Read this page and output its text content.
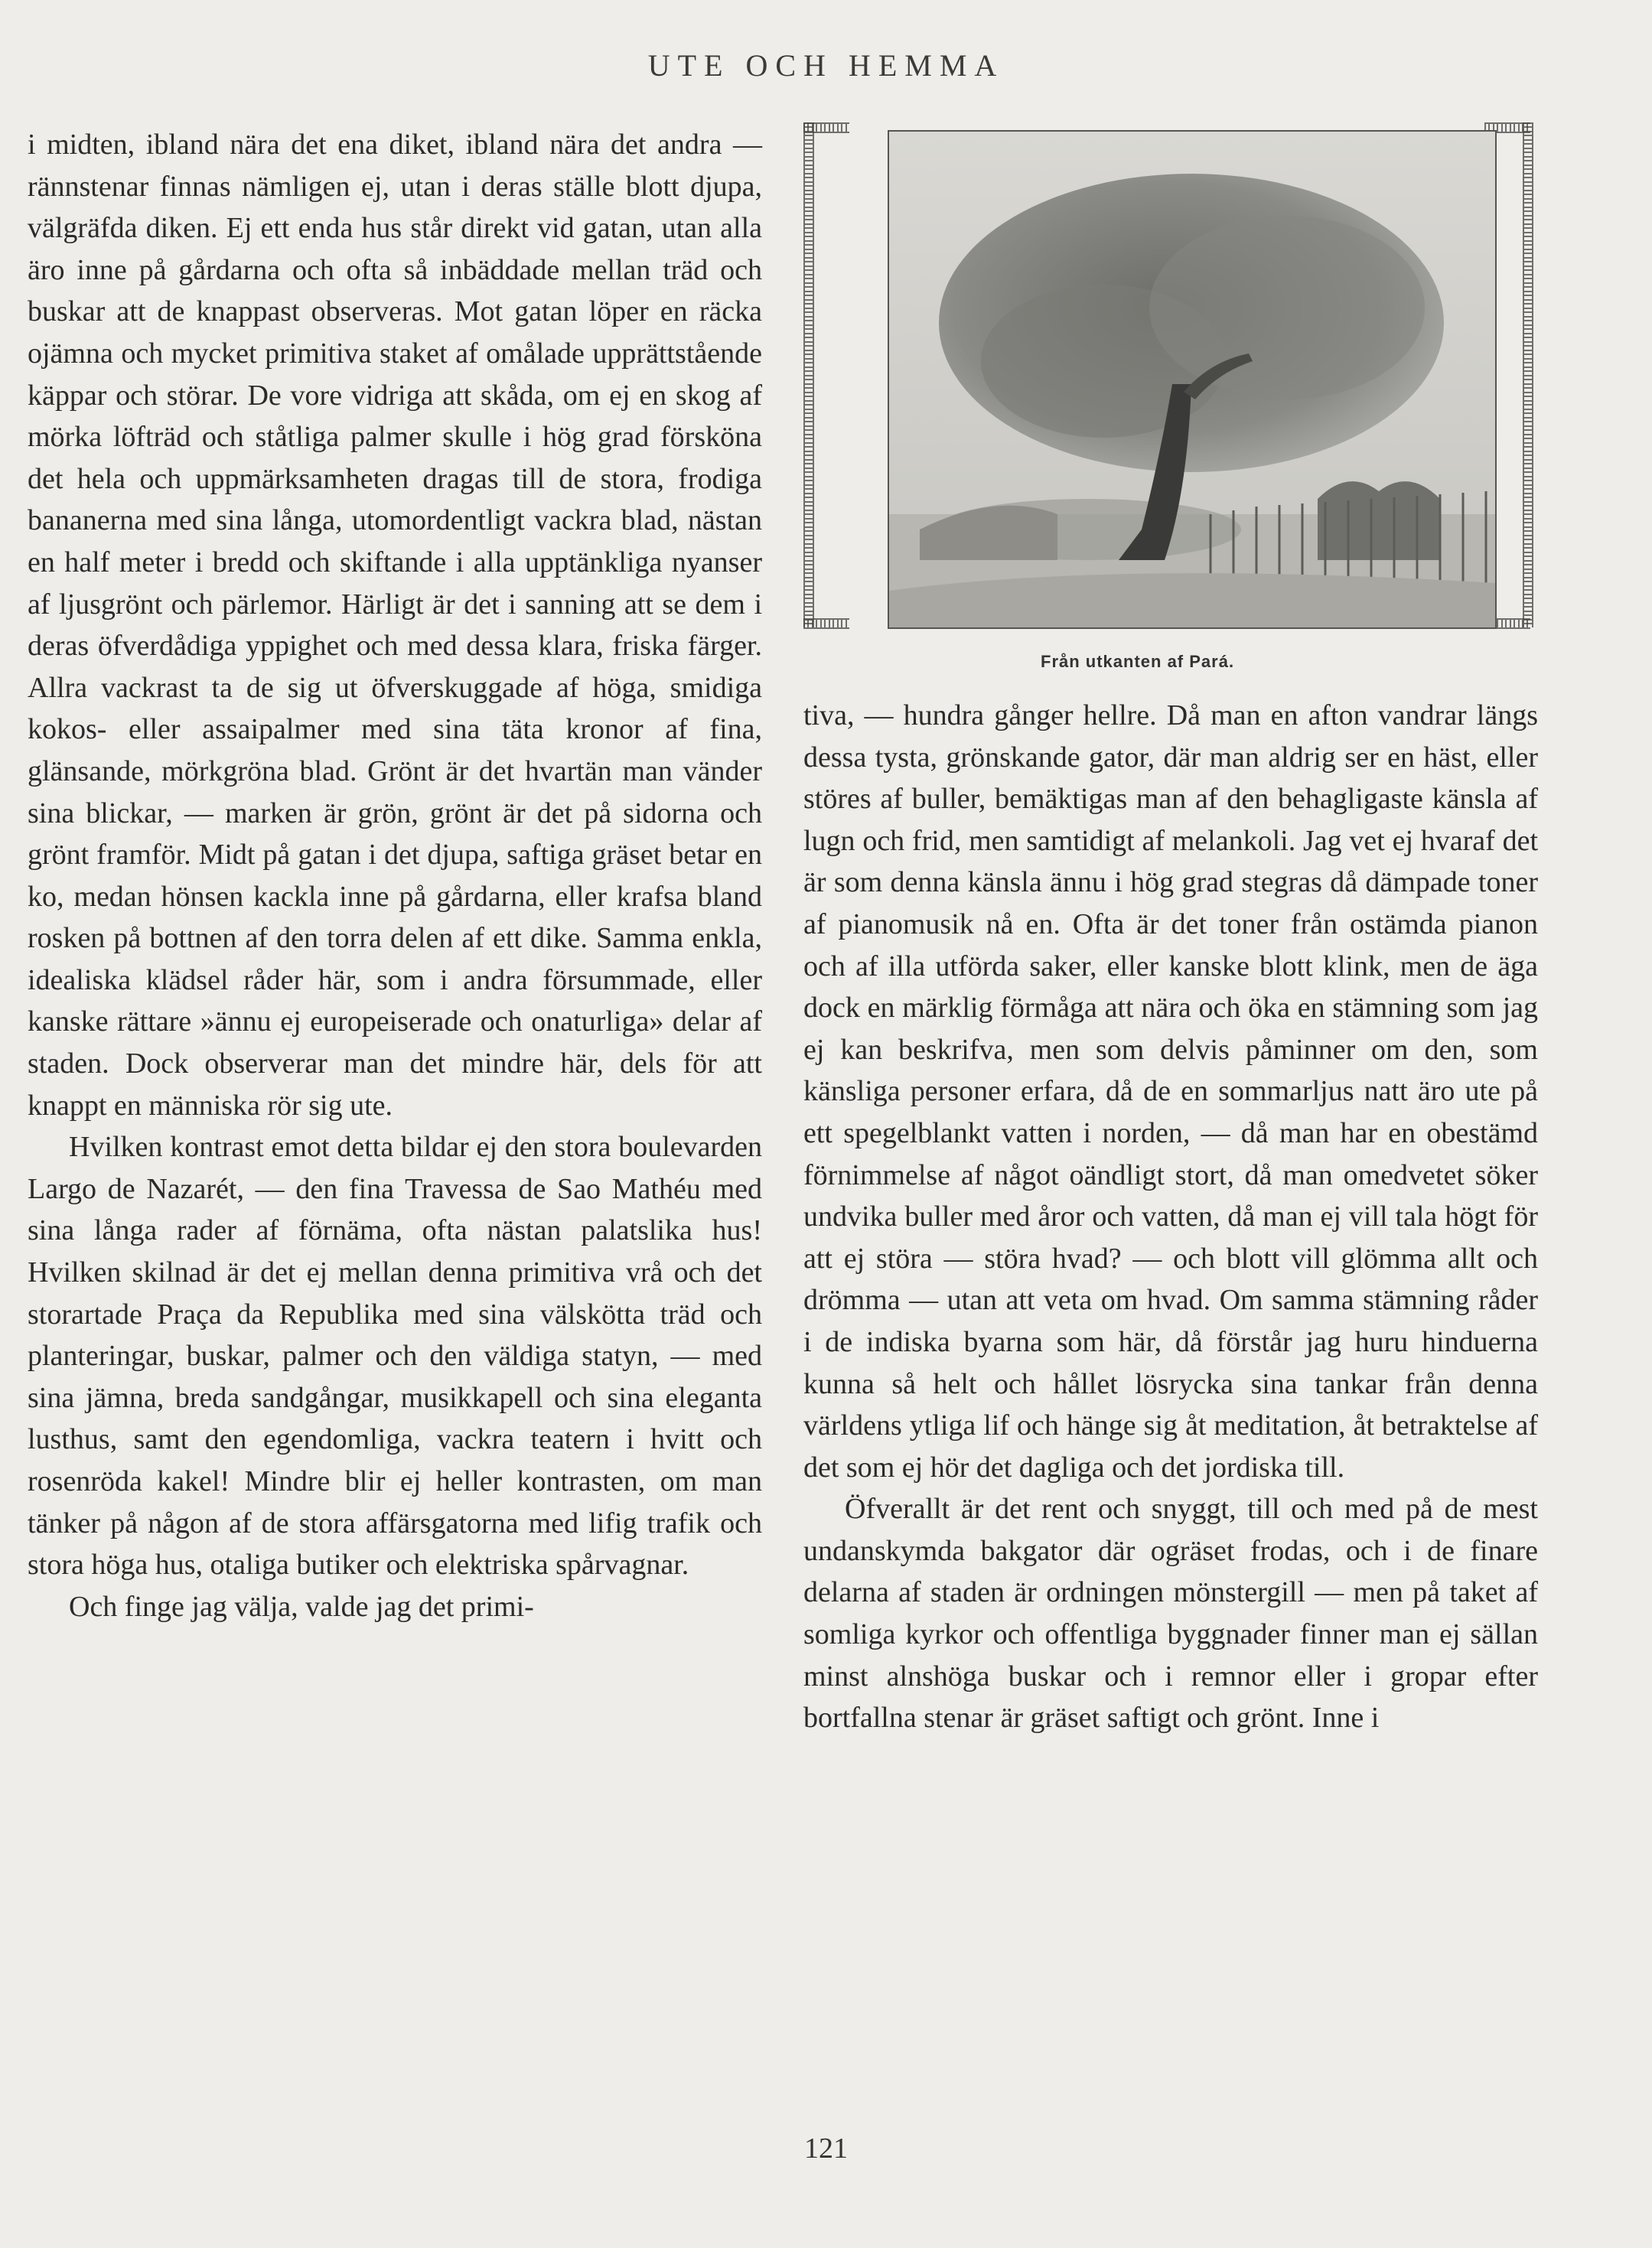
UTE OCH HEMMA

i midten, ibland nära det ena diket, ibland nära det andra — rännstenar finnas nämligen ej, utan i deras ställe blott djupa, välgräfda diken. Ej ett enda hus står direkt vid gatan, utan alla äro inne på gårdarna och ofta så inbäddade mellan träd och buskar att de knappast observeras. Mot gatan löper en räcka ojämna och mycket primitiva staket af omålade upprättstående käppar och störar. De vore vidriga att skåda, om ej en skog af mörka löfträd och ståtliga palmer skulle i hög grad försköna det hela och uppmärksamheten dragas till de stora, frodiga bananerna med sina långa, utomordentligt vackra blad, nästan en half meter i bredd och skiftande i alla upptänkliga nyanser af ljusgrönt och pärlemor. Härligt är det i sanning att se dem i deras öfverdådiga yppighet och med dessa klara, friska färger. Allra vackrast ta de sig ut öfverskuggade af höga, smidiga kokos- eller assaipalmer med sina täta kronor af fina, glänsande, mörkgröna blad. Grönt är det hvartän man vänder sina blickar, — marken är grön, grönt är det på sidorna och grönt framför. Midt på gatan i det djupa, saftiga gräset betar en ko, medan hönsen kackla inne på gårdarna, eller krafsa bland rosken på bottnen af den torra delen af ett dike. Samma enkla, idealiska klädsel råder här, som i andra försummade, eller kanske rättare »ännu ej europeiserade och onaturliga» delar af staden. Dock observerar man det mindre här, dels för att knappt en människa rör sig ute.

Hvilken kontrast emot detta bildar ej den stora boulevarden Largo de Nazarét, — den fina Travessa de Sao Mathéu med sina långa rader af förnäma, ofta nästan palatslika hus! Hvilken skilnad är det ej mellan denna primitiva vrå och det storartade Praça da Republika med sina välskötta träd och planteringar, buskar, palmer och den väldiga statyn, — med sina jämna, breda sandgångar, musikkapell och sina eleganta lusthus, samt den egendomliga, vackra teatern i hvitt och rosenröda kakel! Mindre blir ej heller kontrasten, om man tänker på någon af de stora affärsgatorna med lifig trafik och stora höga hus, otaliga butiker och elektriska spårvagnar.

Och finge jag välja, valde jag det primi-

Från utkanten af Pará.

tiva, — hundra gånger hellre. Då man en afton vandrar längs dessa tysta, grönskande gator, där man aldrig ser en häst, eller störes af buller, bemäktigas man af den behagligaste känsla af lugn och frid, men samtidigt af melankoli. Jag vet ej hvaraf det är som denna känsla ännu i hög grad stegras då dämpade toner af pianomusik nå en. Ofta är det toner från ostämda pianon och af illa utförda saker, eller kanske blott klink, men de äga dock en märklig förmåga att nära och öka en stämning som jag ej kan beskrifva, men som delvis påminner om den, som känsliga personer erfara, då de en sommarljus natt äro ute på ett spegelblankt vatten i norden, — då man har en obestämd förnimmelse af något oändligt stort, då man omedvetet söker undvika buller med åror och vatten, då man ej vill tala högt för att ej störa — störa hvad? — och blott vill glömma allt och drömma — utan att veta om hvad. Om samma stämning råder i de indiska byarna som här, då förstår jag huru hinduerna kunna så helt och hållet lösrycka sina tankar från denna världens ytliga lif och hänge sig åt meditation, åt betraktelse af det som ej hör det dagliga och det jordiska till.

Öfverallt är det rent och snyggt, till och med på de mest undanskymda bakgator där ogräset frodas, och i de finare delarna af staden är ordningen mönstergill — men på taket af somliga kyrkor och offentliga byggnader finner man ej sällan minst alnshöga buskar och i remnor eller i gropar efter bortfallna stenar är gräset saftigt och grönt. Inne i

121
